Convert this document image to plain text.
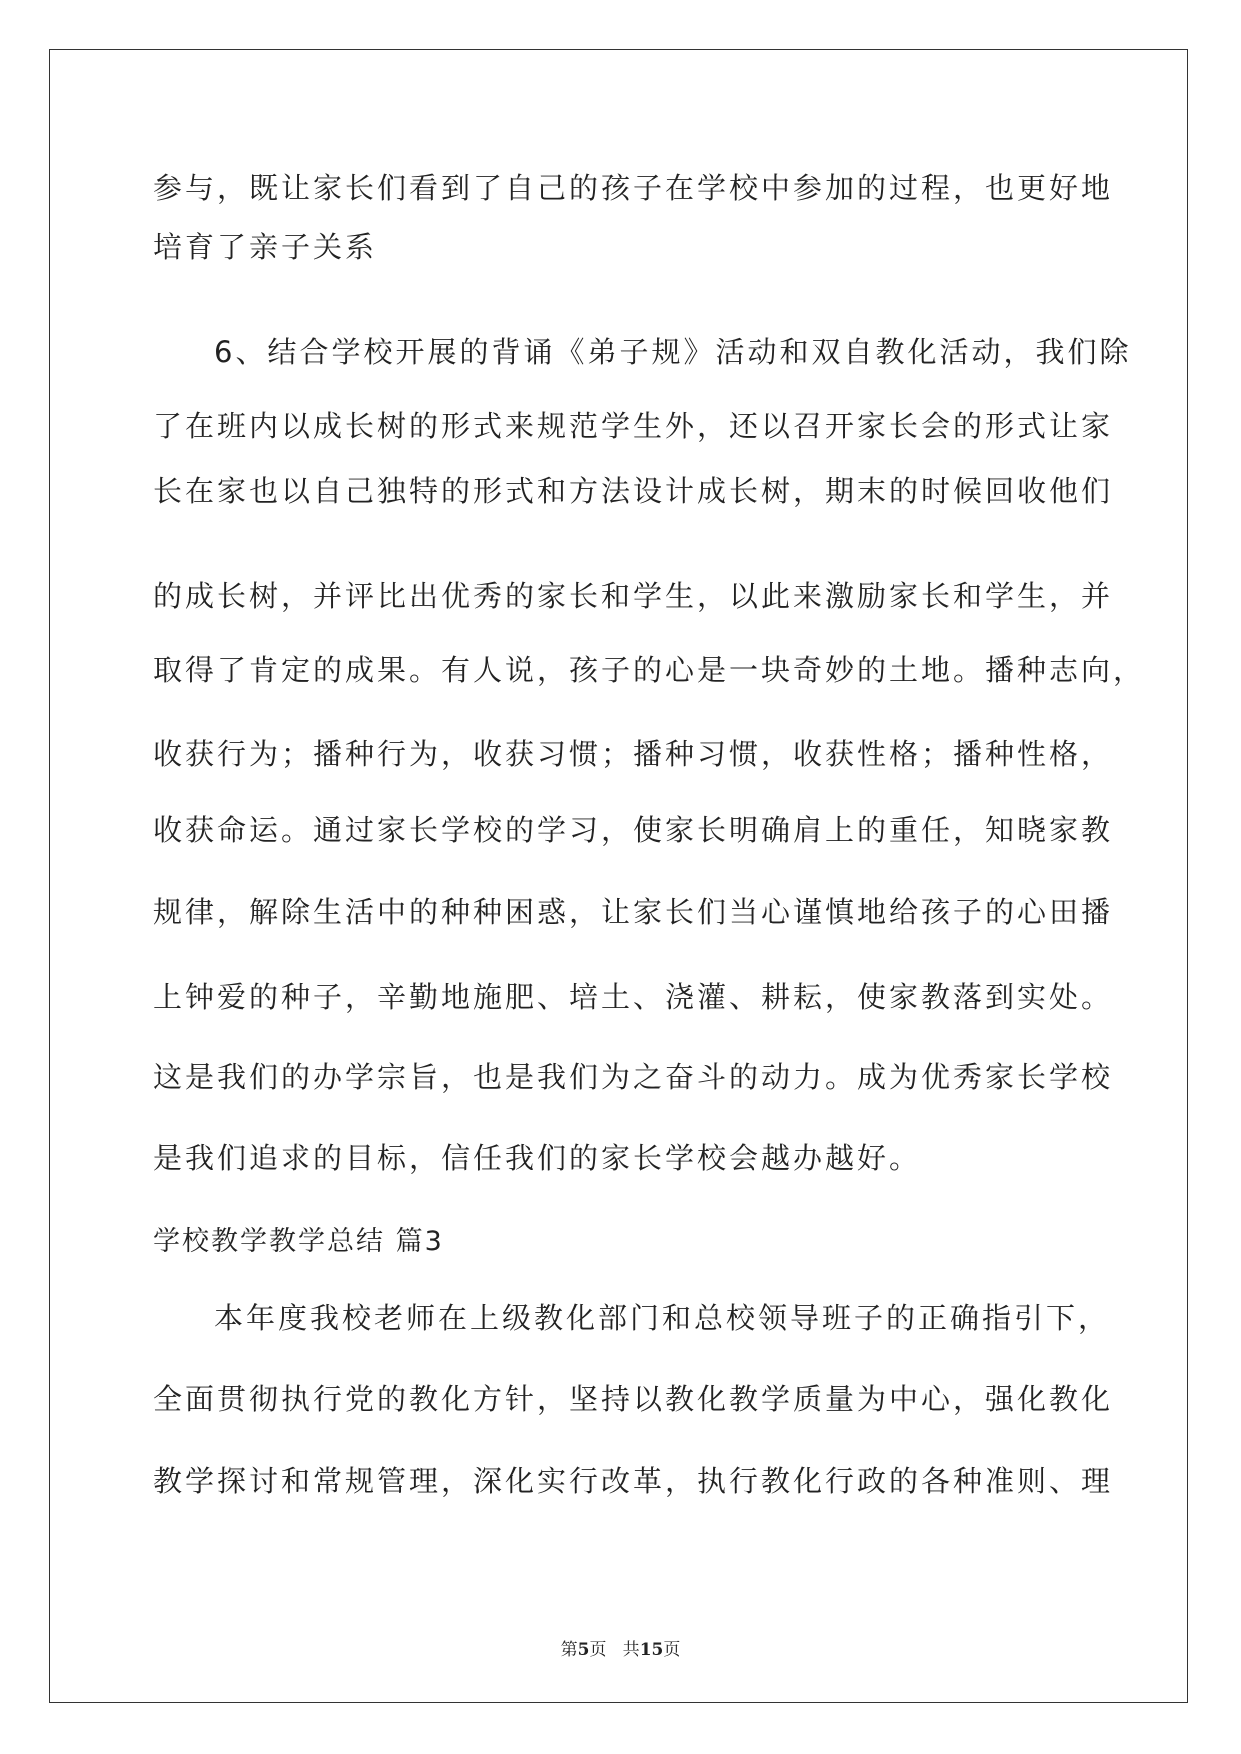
参与，既让家长们看到了自己的孩子在学校中参加的过程，也更好地
培育了亲子关系
6、结合学校开展的背诵《弟子规》活动和双自教化活动，我们除
了在班内以成长树的形式来规范学生外，还以召开家长会的形式让家
长在家也以自己独特的形式和方法设计成长树，期末的时候回收他们
的成长树，并评比出优秀的家长和学生，以此来激励家长和学生，并
取得了肯定的成果。有人说，孩子的心是一块奇妙的土地。播种志向，
收获行为；播种行为，收获习惯；播种习惯，收获性格；播种性格，
收获命运。通过家长学校的学习，使家长明确肩上的重任，知晓家教
规律，解除生活中的种种困惑，让家长们当心谨慎地给孩子的心田播
上钟爱的种子，辛勤地施肥、培土、浇灌、耕耘，使家教落到实处。
这是我们的办学宗旨，也是我们为之奋斗的动力。成为优秀家长学校
是我们追求的目标，信任我们的家长学校会越办越好。
学校教学教学总结 篇3
本年度我校老师在上级教化部门和总校领导班子的正确指引下，
全面贯彻执行党的教化方针，坚持以教化教学质量为中心，强化教化
教学探讨和常规管理，深化实行改革，执行教化行政的各种准则、理
第5页   共15页
